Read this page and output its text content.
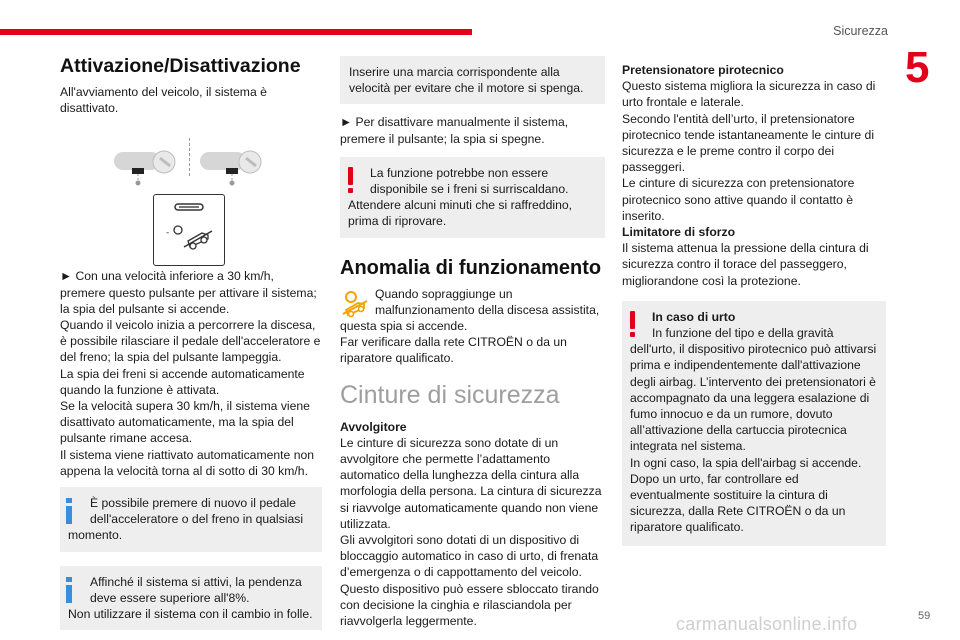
Sicurezza
5
Attivazione/Disattivazione

All'avviamento del veicolo, il sistema è disattivato.

-

► Con una velocità inferiore a 30 km/h, premere questo pulsante per attivare il sistema; la spia del pulsante si accende.

Quando il veicolo inizia a percorrere la discesa, è possibile rilasciare il pedale dell'acceleratore e del freno; la spia del pulsante lampeggia.

La spia dei freni si accende automaticamente quando la funzione è attivata.

Se la velocità supera 30 km/h, il sistema viene disattivato automaticamente, ma la spia del pulsante rimane accesa.

Il sistema viene riattivato automaticamente non appena la velocità torna al di sotto di 30 km/h.

È possibile premere di nuovo il pedale dell'acceleratore o del freno in qualsiasi

momento.

Affinché il sistema si attivi, la pendenza deve essere superiore all'8%.

Non utilizzare il sistema con il cambio in folle.

Inserire una marcia corrispondente alla velocità per evitare che il motore si spenga.

► Per disattivare manualmente il sistema, premere il pulsante; la spia si spegne.

La funzione potrebbe non essere disponibile se i freni si surriscaldano.

Attendere alcuni minuti che si raffreddino, prima di riprovare.

Anomalia di funzionamento

Quando sopraggiunge un malfunzionamento della discesa assistita,

questa spia si accende.

Far verificare dalla rete CITROËN o da un riparatore qualificato.

Cinture di sicurezza

Avvolgitore

Le cinture di sicurezza sono dotate di un avvolgitore che permette l’adattamento automatico della lunghezza della cintura alla morfologia della persona. La cintura di sicurezza si riavvolge automaticamente quando non viene utilizzata.

Gli avvolgitori sono dotati di un dispositivo di bloccaggio automatico in caso di urto, di frenata d’emergenza o di cappottamento del veicolo. Questo dispositivo può essere sbloccato tirando con decisione la cinghia e rilasciandola per riavvolgerla leggermente.

Pretensionatore pirotecnico

Questo sistema migliora la sicurezza in caso di urto frontale e laterale.

Secondo l'entità dell’urto, il pretensionatore pirotecnico tende istantaneamente le cinture di sicurezza e le preme contro il corpo dei passeggeri.

Le cinture di sicurezza con pretensionatore pirotecnico sono attive quando il contatto è inserito.

Limitatore di sforzo

Il sistema attenua la pressione della cintura di sicurezza contro il torace del passeggero, migliorandone così la protezione.

In caso di urto

In funzione del tipo e della gravità

dell'urto, il dispositivo pirotecnico può attivarsi prima e indipendentemente dall'attivazione degli airbag. L’intervento dei pretensionatori è accompagnato da una leggera esalazione di fumo innocuo e da un rumore, dovuto all’attivazione della cartuccia pirotecnica integrata nel sistema.

In ogni caso, la spia dell'airbag si accende.

Dopo un urto, far controllare ed eventualmente sostituire la cintura di sicurezza, dalla Rete CITROËN o da un riparatore qualificato.

carmanualsonline.info	59
